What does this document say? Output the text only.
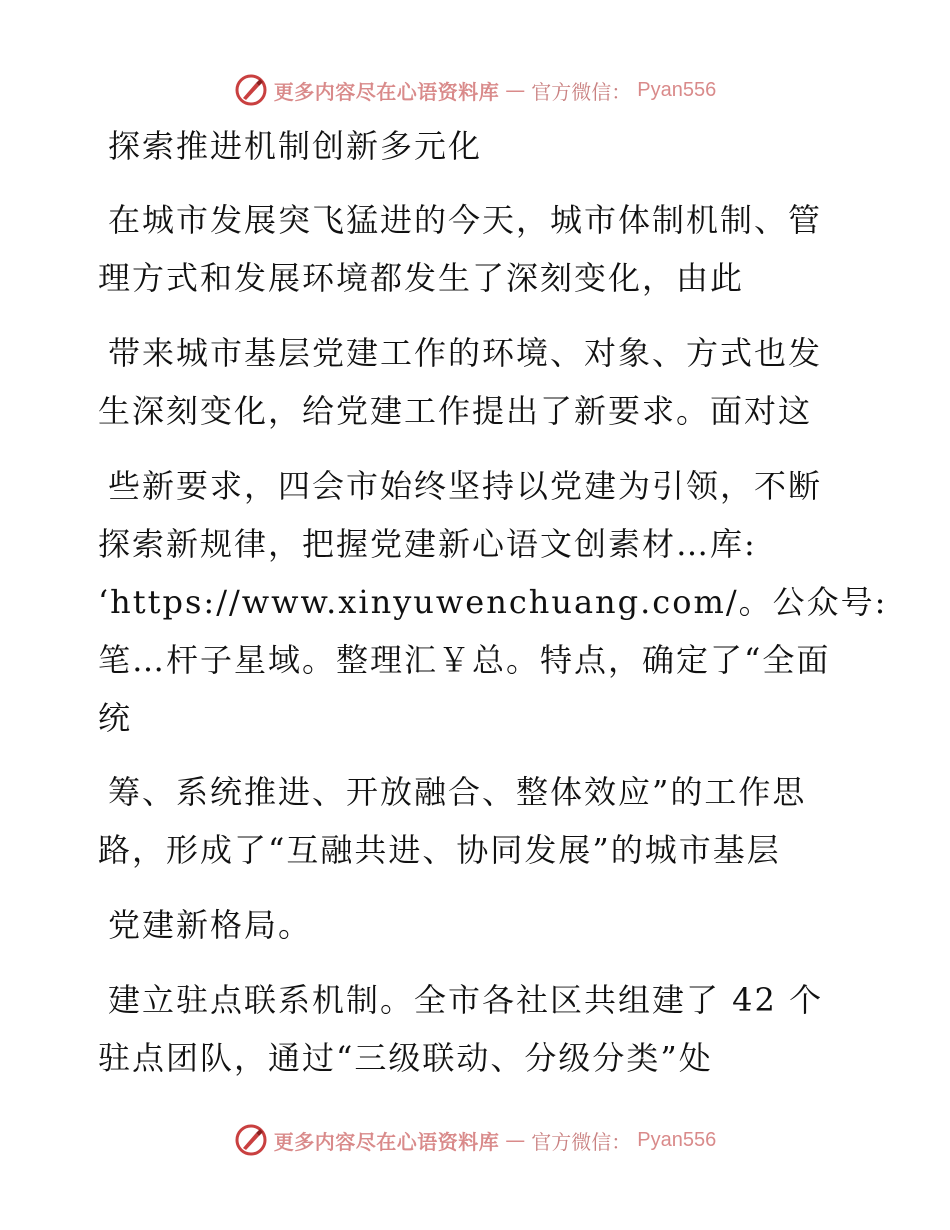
更多内容尽在心语资料库 — 官方微信： Pyan556
探索推进机制创新多元化
在城市发展突飞猛进的今天，城市体制机制、管
理方式和发展环境都发生了深刻变化，由此
带来城市基层党建工作的环境、对象、方式也发
生深刻变化，给党建工作提出了新要求。面对这
些新要求，四会市始终坚持以党建为引领，不断
探索新规律，把握党建新心语文创素材…库:
‘https://www.xinyuwenchuang.com/。公众号:
笔…杆子星域。整理汇￥总。特点，确定了“全面
统
筹、系统推进、开放融合、整体效应”的工作思
路，形成了“互融共进、协同发展”的城市基层
党建新格局。
建立驻点联系机制。全市各社区共组建了 42 个
驻点团队，通过“三级联动、分级分类”处
更多内容尽在心语资料库 — 官方微信： Pyan556
